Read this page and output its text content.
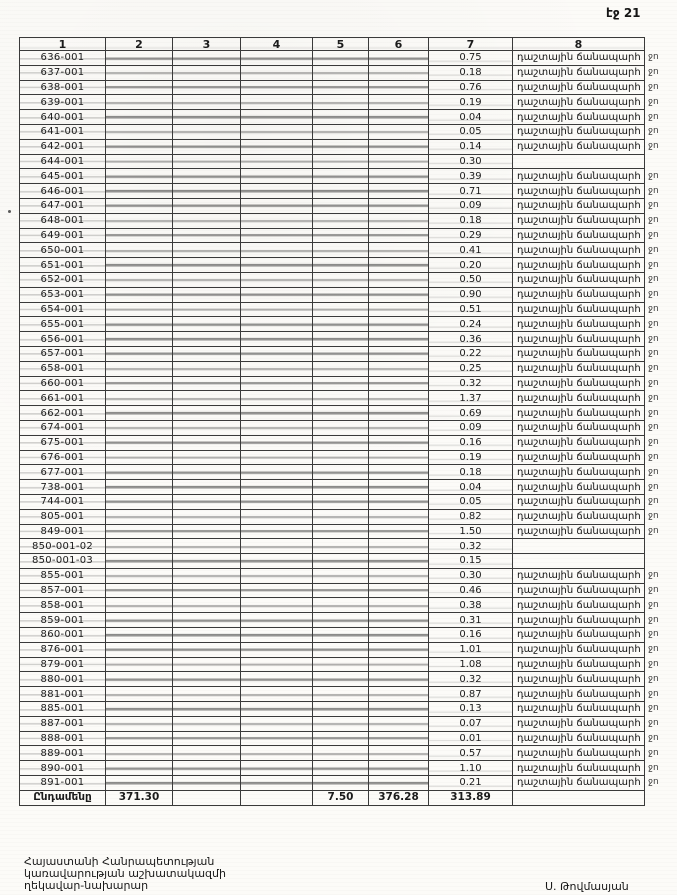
էջ 21
1	2	3	4	5	6	7	8	
636-001						0.75	դաշտային ճանապարհ	ջո
637-001						0.18	դաշտային ճանապարհ	ջո
638-001						0.76	դաշտային ճանապարհ	ջո
639-001						0.19	դաշտային ճանապարհ	ջո
640-001						0.04	դաշտային ճանապարհ	ջո
641-001						0.05	դաշտային ճանապարհ	ջո
642-001						0.14	դաշտային ճանապարհ	ջո
644-001						0.30		
645-001						0.39	դաշտային ճանապարհ	ջո
646-001						0.71	դաշտային ճանապարհ	ջո
647-001						0.09	դաշտային ճանապարհ	ջո
648-001						0.18	դաշտային ճանապարհ	ջո
649-001						0.29	դաշտային ճանապարհ	ջո
650-001						0.41	դաշտային ճանապարհ	ջո
651-001						0.20	դաշտային ճանապարհ	ջո
652-001						0.50	դաշտային ճանապարհ	ջո
653-001						0.90	դաշտային ճանապարհ	ջո
654-001						0.51	դաշտային ճանապարհ	ջո
655-001						0.24	դաշտային ճանապարհ	ջո
656-001						0.36	դաշտային ճանապարհ	ջո
657-001						0.22	դաշտային ճանապարհ	ջո
658-001						0.25	դաշտային ճանապարհ	ջո
660-001						0.32	դաշտային ճանապարհ	ջո
661-001						1.37	դաշտային ճանապարհ	ջո
662-001						0.69	դաշտային ճանապարհ	ջո
674-001						0.09	դաշտային ճանապարհ	ջո
675-001						0.16	դաշտային ճանապարհ	ջո
676-001						0.19	դաշտային ճանապարհ	ջո
677-001						0.18	դաշտային ճանապարհ	ջո
738-001						0.04	դաշտային ճանապարհ	ջո
744-001						0.05	դաշտային ճանապարհ	ջո
805-001						0.82	դաշտային ճանապարհ	ջո
849-001						1.50	դաշտային ճանապարհ	ջո
850-001-02						0.32		
850-001-03						0.15		
855-001						0.30	դաշտային ճանապարհ	ջո
857-001						0.46	դաշտային ճանապարհ	ջո
858-001						0.38	դաշտային ճանապարհ	ջո
859-001						0.31	դաշտային ճանապարհ	ջո
860-001						0.16	դաշտային ճանապարհ	ջո
876-001						1.01	դաշտային ճանապարհ	ջո
879-001						1.08	դաշտային ճանապարհ	ջո
880-001						0.32	դաշտային ճանապարհ	ջո
881-001						0.87	դաշտային ճանապարհ	ջո
885-001						0.13	դաշտային ճանապարհ	ջո
887-001						0.07	դաշտային ճանապարհ	ջո
888-001						0.01	դաշտային ճանապարհ	ջո
889-001						0.57	դաշտային ճանապարհ	ջո
890-001						1.10	դաշտային ճանապարհ	ջո
891-001						0.21	դաշտային ճանապարհ	ջո
Ընդամենը	371.30			7.50	376.28	313.89		
Հայաստանի Հանրապետության
կառավարության աշխատակազմի
ղեկավար-նախարար	Ս. Թովմասյան
